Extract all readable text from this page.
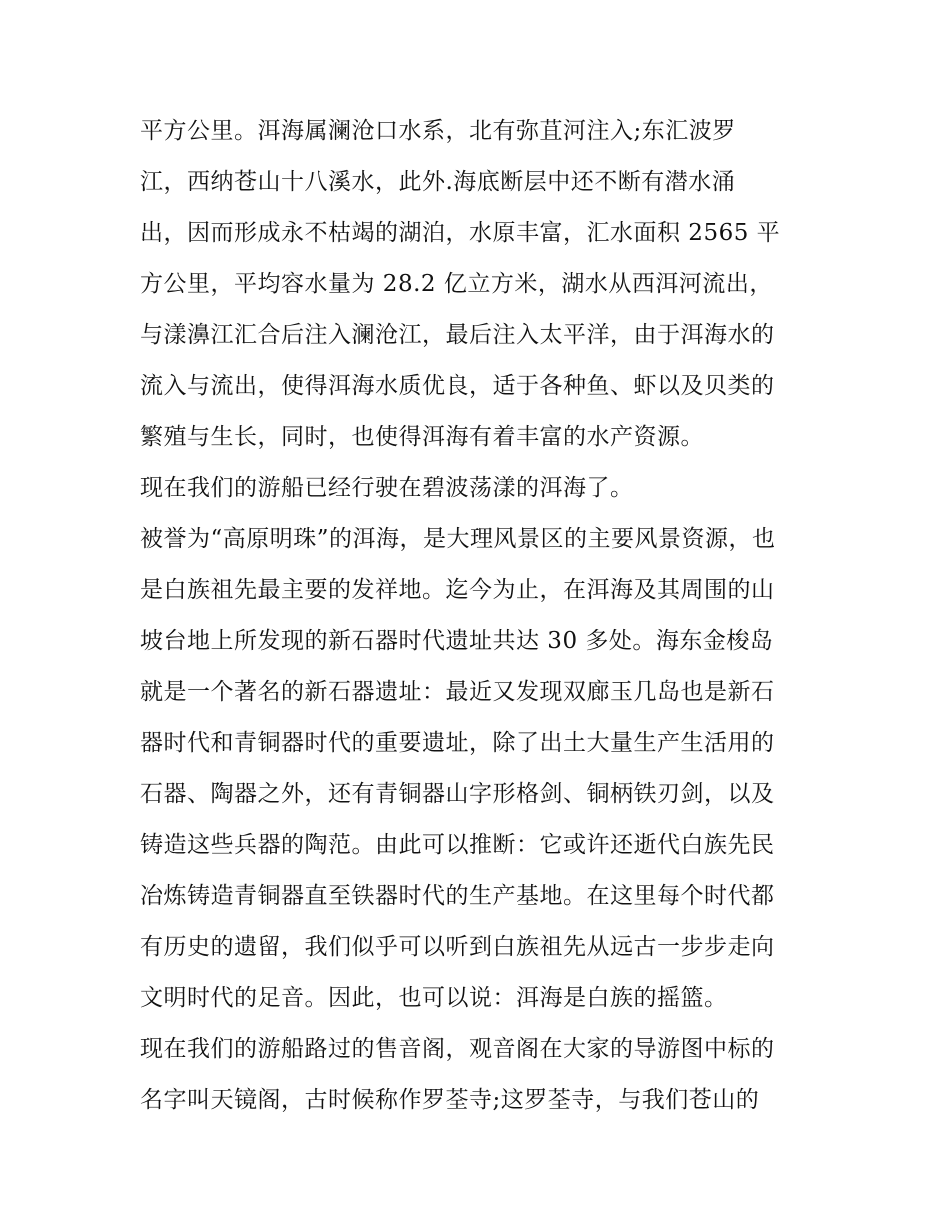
平方公里。洱海属澜沧口水系，北有弥苴河注入;东汇波罗
江，西纳苍山十八溪水，此外.海底断层中还不断有潜水涌
出，因而形成永不枯竭的湖泊，水原丰富，汇水面积 2565 平
方公里，平均容水量为 28.2 亿立方米，湖水从西洱河流出，
与漾濞江汇合后注入澜沧江，最后注入太平洋，由于洱海水的
流入与流出，使得洱海水质优良，适于各种鱼、虾以及贝类的
繁殖与生长，同时，也使得洱海有着丰富的水产资源。
现在我们的游船已经行驶在碧波荡漾的洱海了。
被誉为“高原明珠”的洱海，是大理风景区的主要风景资源，也
是白族祖先最主要的发祥地。迄今为止，在洱海及其周围的山
坡台地上所发现的新石器时代遗址共达 30 多处。海东金梭岛
就是一个著名的新石器遗址：最近又发现双廊玉几岛也是新石
器时代和青铜器时代的重要遗址，除了出土大量生产生活用的
石器、陶器之外，还有青铜器山字形格剑、铜柄铁刃剑，以及
铸造这些兵器的陶范。由此可以推断：它或许还逝代白族先民
冶炼铸造青铜器直至铁器时代的生产基地。在这里每个时代都
有历史的遗留，我们似乎可以听到白族祖先从远古一步步走向
文明时代的足音。因此，也可以说：洱海是白族的摇篮。
现在我们的游船路过的售音阁，观音阁在大家的导游图中标的
名字叫天镜阁，古时候称作罗荃寺;这罗荃寺，与我们苍山的
